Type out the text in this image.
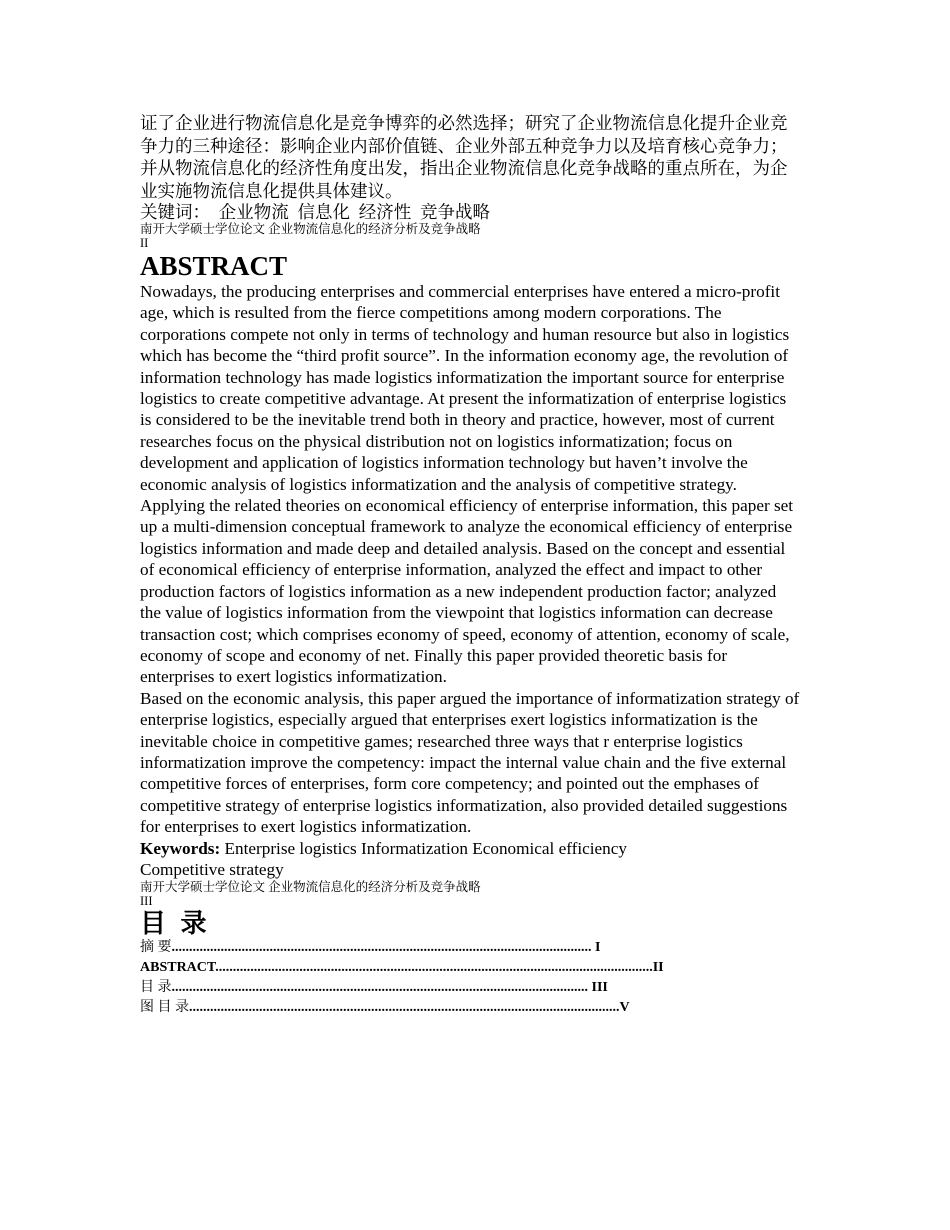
证了企业进行物流信息化是竞争博弈的必然选择；研究了企业物流信息化提升企业竞争力的三种途径：影响企业内部价值链、企业外部五种竞争力以及培育核心竞争力；并从物流信息化的经济性角度出发，指出企业物流信息化竞争战略的重点所在，为企业实施物流信息化提供具体建议。

关键词：  企业物流  信息化  经济性  竞争战略

南开大学硕士学位论文 企业物流信息化的经济分析及竞争战略

II

ABSTRACT

Nowadays, the producing enterprises and commercial enterprises have entered a micro-profit age, which is resulted from the fierce competitions among modern corporations. The corporations compete not only in terms of technology and human resource but also in logistics which has become the “third profit source”. In the information economy age, the revolution of information technology has made logistics informatization the important source for enterprise logistics to create competitive advantage. At present the informatization of enterprise logistics is considered to be the inevitable trend both in theory and practice, however, most of current researches focus on the physical distribution not on logistics informatization; focus on development and application of logistics information technology but haven’t involve the economic analysis of logistics informatization and the analysis of competitive strategy.

Applying the related theories on economical efficiency of enterprise information, this paper set up a multi-dimension conceptual framework to analyze the economical efficiency of enterprise logistics information and made deep and detailed analysis. Based on the concept and essential of economical efficiency of enterprise information, analyzed the effect and impact to other production factors of logistics information as a new independent production factor; analyzed the value of logistics information from the viewpoint that logistics information can decrease transaction cost; which comprises economy of speed, economy of attention, economy of scale, economy of scope and economy of net. Finally this paper provided theoretic basis for enterprises to exert logistics informatization.

Based on the economic analysis, this paper argued the importance of informatization strategy of enterprise logistics, especially argued that enterprises exert logistics informatization is the inevitable choice in competitive games; researched three ways that r enterprise logistics informatization improve the competency: impact the internal value chain and the five external competitive forces of enterprises, form core competency; and pointed out the emphases of competitive strategy of enterprise logistics informatization, also provided detailed suggestions for enterprises to exert logistics informatization.

Keywords: Enterprise logistics Informatization Economical efficiency

Competitive strategy

南开大学硕士学位论文 企业物流信息化的经济分析及竞争战略

III

目 录
摘 要........................................................................................................................ I
ABSTRACT.............................................................................................................................II
目 录....................................................................................................................... III
图 目 录...........................................................................................................................V
